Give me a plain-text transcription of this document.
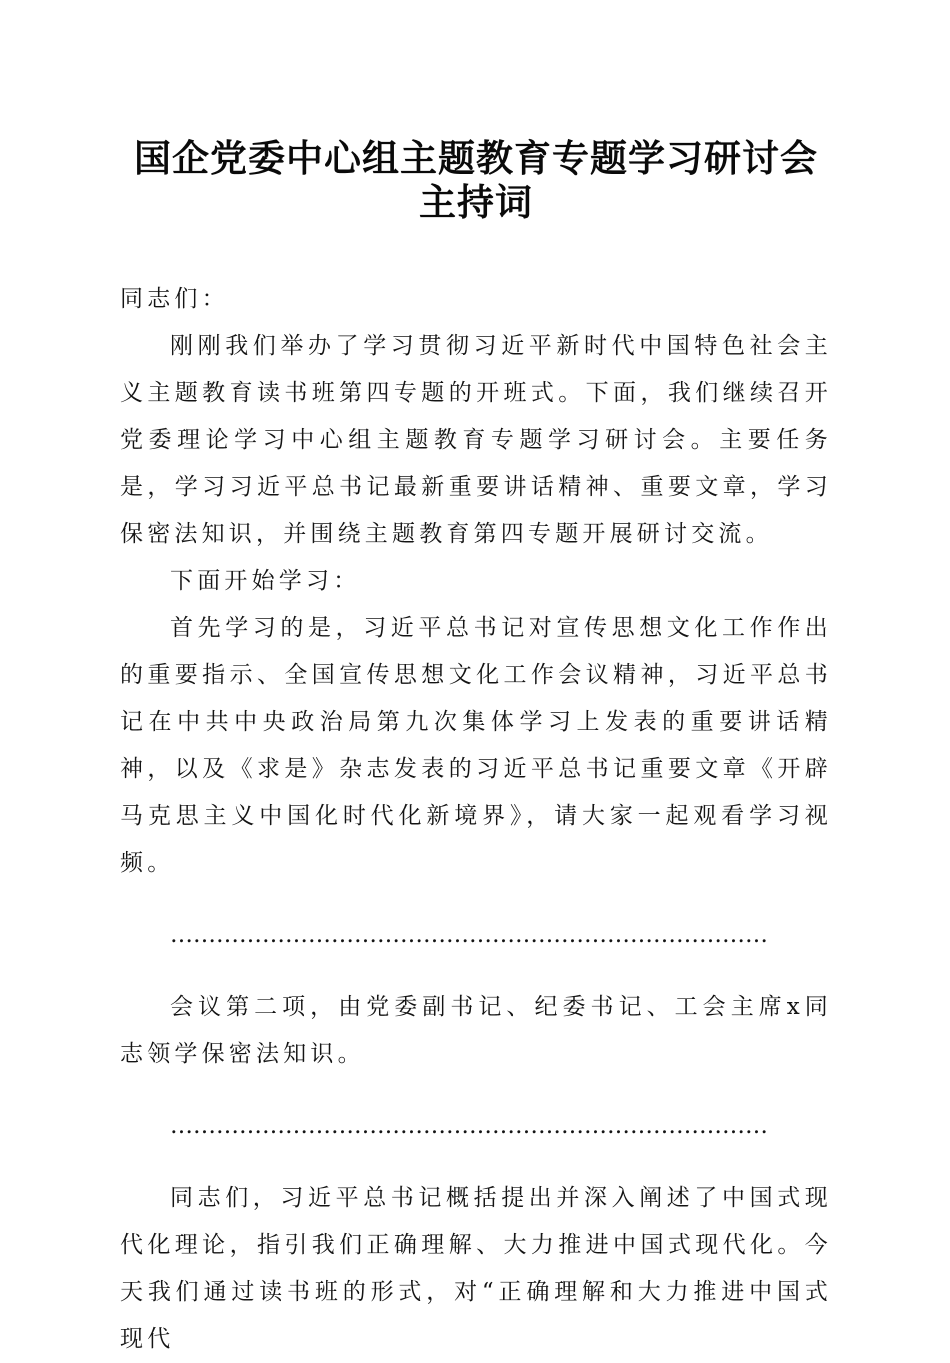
国企党委中心组主题教育专题学习研讨会主持词

同志们：

刚刚我们举办了学习贯彻习近平新时代中国特色社会主义主题教育读书班第四专题的开班式。下面，我们继续召开党委理论学习中心组主题教育专题学习研讨会。主要任务是，学习习近平总书记最新重要讲话精神、重要文章，学习保密法知识，并围绕主题教育第四专题开展研讨交流。

下面开始学习：

首先学习的是，习近平总书记对宣传思想文化工作作出的重要指示、全国宣传思想文化工作会议精神，习近平总书记在中共中央政治局第九次集体学习上发表的重要讲话精神，以及《求是》杂志发表的习近平总书记重要文章《开辟马克思主义中国化时代化新境界》，请大家一起观看学习视频。

……………………………………………………………………

会议第二项，由党委副书记、纪委书记、工会主席x同志领学保密法知识。

……………………………………………………………………

同志们，习近平总书记概括提出并深入阐述了中国式现代化理论，指引我们正确理解、大力推进中国式现代化。今天我们通过读书班的形式，对“正确理解和大力推进中国式现代
